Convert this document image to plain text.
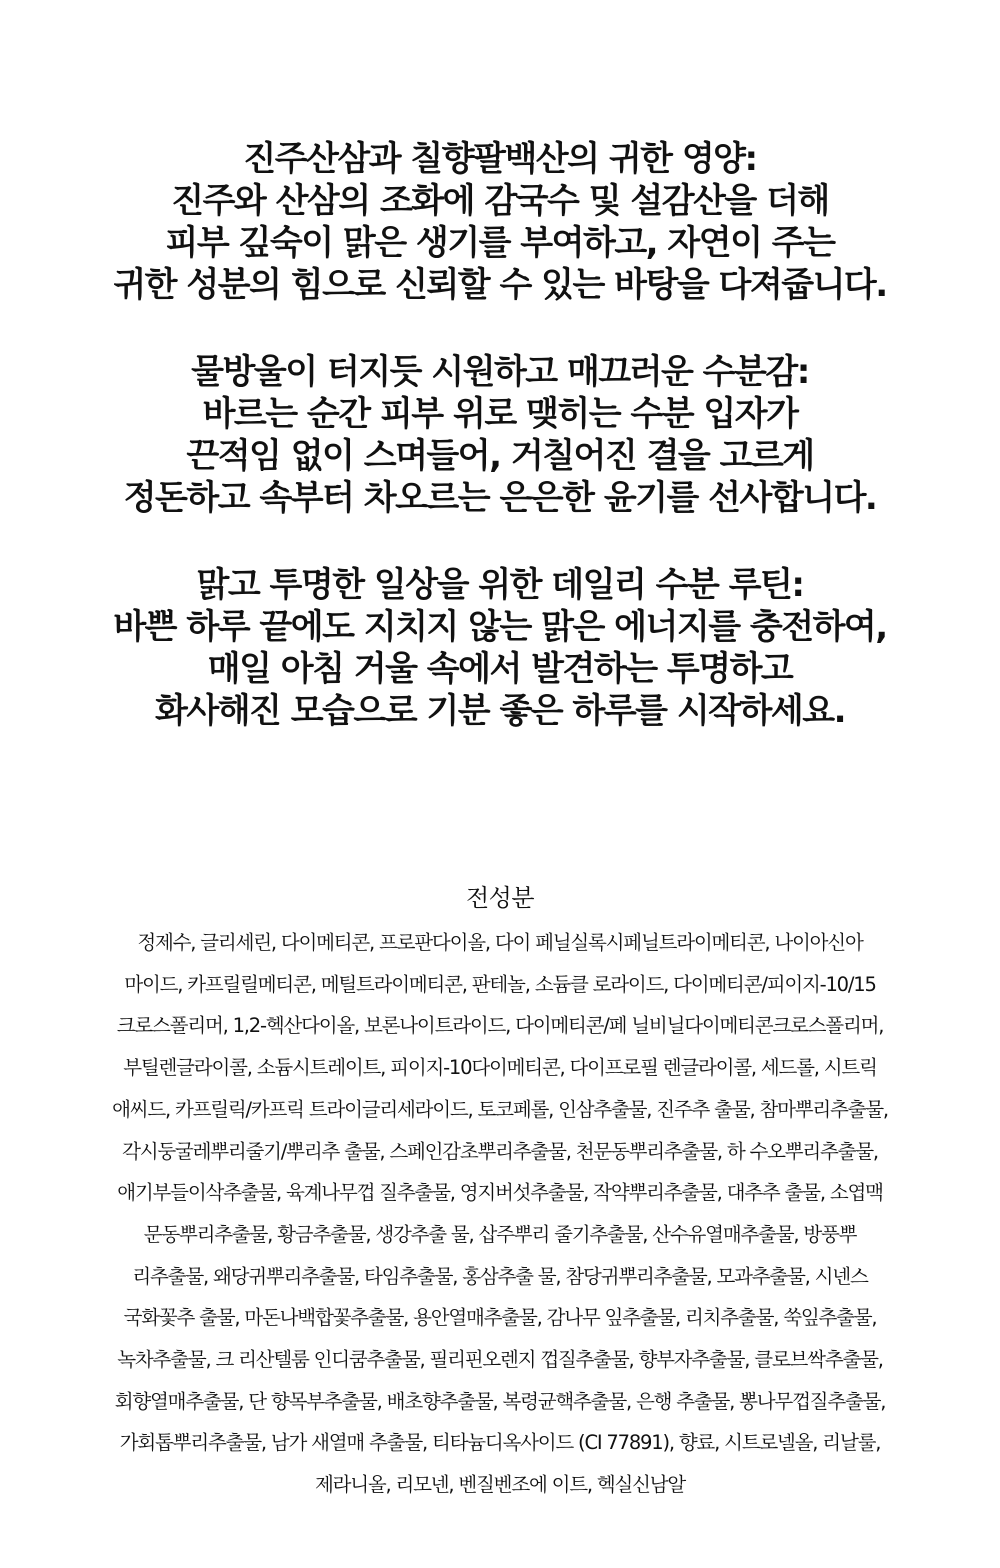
진주산삼과 칠향팔백산의 귀한 영양:
진주와 산삼의 조화에 감국수 및 설감산을 더해
피부 깊숙이 맑은 생기를 부여하고, 자연이 주는
귀한 성분의 힘으로 신뢰할 수 있는 바탕을 다져줍니다.

물방울이 터지듯 시원하고 매끄러운 수분감:
바르는 순간 피부 위로 맺히는 수분 입자가
끈적임 없이 스며들어, 거칠어진 결을 고르게
정돈하고 속부터 차오르는 은은한 윤기를 선사합니다.

맑고 투명한 일상을 위한 데일리 수분 루틴:
바쁜 하루 끝에도 지치지 않는 맑은 에너지를 충전하여,
매일 아침 거울 속에서 발견하는 투명하고
화사해진 모습으로 기분 좋은 하루를 시작하세요.

전성분
정제수, 글리세린, 다이메티콘, 프로판다이올, 다이 페닐실록시페닐트라이메티콘, 나이아신아
마이드, 카프릴릴메티콘, 메틸트라이메티콘, 판테놀, 소듐클 로라이드, 다이메티콘/피이지-10/15
크로스폴리머, 1,2-헥산다이올, 보론나이트라이드, 다이메티콘/페 닐비닐다이메티콘크로스폴리머,
부틸렌글라이콜, 소듐시트레이트, 피이지-10다이메티콘, 다이프로필 렌글라이콜, 세드롤, 시트릭
애씨드, 카프릴릭/카프릭 트라이글리세라이드, 토코페롤, 인삼추출물, 진주추 출물, 참마뿌리추출물,
각시둥굴레뿌리줄기/뿌리추 출물, 스페인감초뿌리추출물, 천문동뿌리추출물, 하 수오뿌리추출물,
애기부들이삭추출물, 육계나무껍 질추출물, 영지버섯추출물, 작약뿌리추출물, 대추추 출물, 소엽맥
문동뿌리추출물, 황금추출물, 생강추출 물, 삽주뿌리 줄기추출물, 산수유열매추출물, 방풍뿌
리추출물, 왜당귀뿌리추출물, 타임추출물, 홍삼추출 물, 참당귀뿌리추출물, 모과추출물, 시넨스
국화꽃추 출물, 마돈나백합꽃추출물, 용안열매추출물, 감나무 잎추출물, 리치추출물, 쑥잎추출물,
녹차추출물, 크 리산텔룸 인디쿰추출물, 필리핀오렌지 껍질추출물, 향부자추출물, 클로브싹추출물,
회향열매추출물, 단 향목부추출물, 배초향추출물, 복령균핵추출물, 은행 추출물, 뽕나무껍질추출물,
가회톱뿌리추출물, 남가 새열매 추출물, 티타늄디옥사이드 (CI 77891), 향료, 시트로넬올, 리날룰,
제라니올, 리모넨, 벤질벤조에 이트, 헥실신남알
